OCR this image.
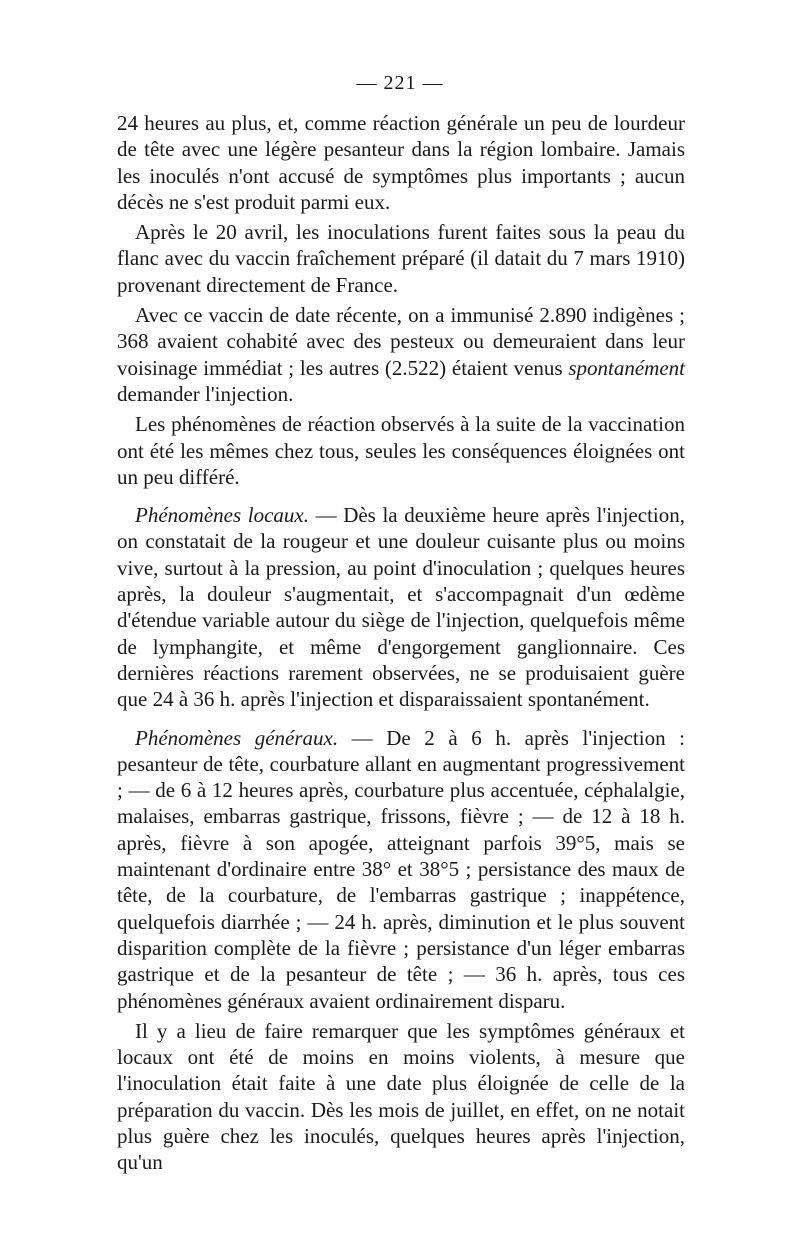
— 221 —

24 heures au plus, et, comme réaction générale un peu de lourdeur de tête avec une légère pesanteur dans la région lombaire. Jamais les inoculés n'ont accusé de symptômes plus importants ; aucun décès ne s'est produit parmi eux.

Après le 20 avril, les inoculations furent faites sous la peau du flanc avec du vaccin fraîchement préparé (il datait du 7 mars 1910) provenant directement de France.

Avec ce vaccin de date récente, on a immunisé 2.890 indigènes ; 368 avaient cohabité avec des pesteux ou demeuraient dans leur voisinage immédiat ; les autres (2.522) étaient venus spontanément demander l'injection.

Les phénomènes de réaction observés à la suite de la vaccination ont été les mêmes chez tous, seules les conséquences éloignées ont un peu différé.

Phénomènes locaux. — Dès la deuxième heure après l'injection, on constatait de la rougeur et une douleur cuisante plus ou moins vive, surtout à la pression, au point d'inoculation ; quelques heures après, la douleur s'augmentait, et s'accompagnait d'un œdème d'étendue variable autour du siège de l'injection, quelquefois même de lymphangite, et même d'engorgement ganglionnaire. Ces dernières réactions rarement observées, ne se produisaient guère que 24 à 36 h. après l'injection et disparaissaient spontanément.

Phénomènes généraux. — De 2 à 6 h. après l'injection : pesanteur de tête, courbature allant en augmentant progressivement ; — de 6 à 12 heures après, courbature plus accentuée, céphalalgie, malaises, embarras gastrique, frissons, fièvre ; — de 12 à 18 h. après, fièvre à son apogée, atteignant parfois 39°5, mais se maintenant d'ordinaire entre 38° et 38°5 ; persistance des maux de tête, de la courbature, de l'embarras gastrique ; inappétence, quelquefois diarrhée ; — 24 h. après, diminution et le plus souvent disparition complète de la fièvre ; persistance d'un léger embarras gastrique et de la pesanteur de tête ; — 36 h. après, tous ces phénomènes généraux avaient ordinairement disparu.

Il y a lieu de faire remarquer que les symptômes généraux et locaux ont été de moins en moins violents, à mesure que l'inoculation était faite à une date plus éloignée de celle de la préparation du vaccin. Dès les mois de juillet, en effet, on ne notait plus guère chez les inoculés, quelques heures après l'injection, qu'un
